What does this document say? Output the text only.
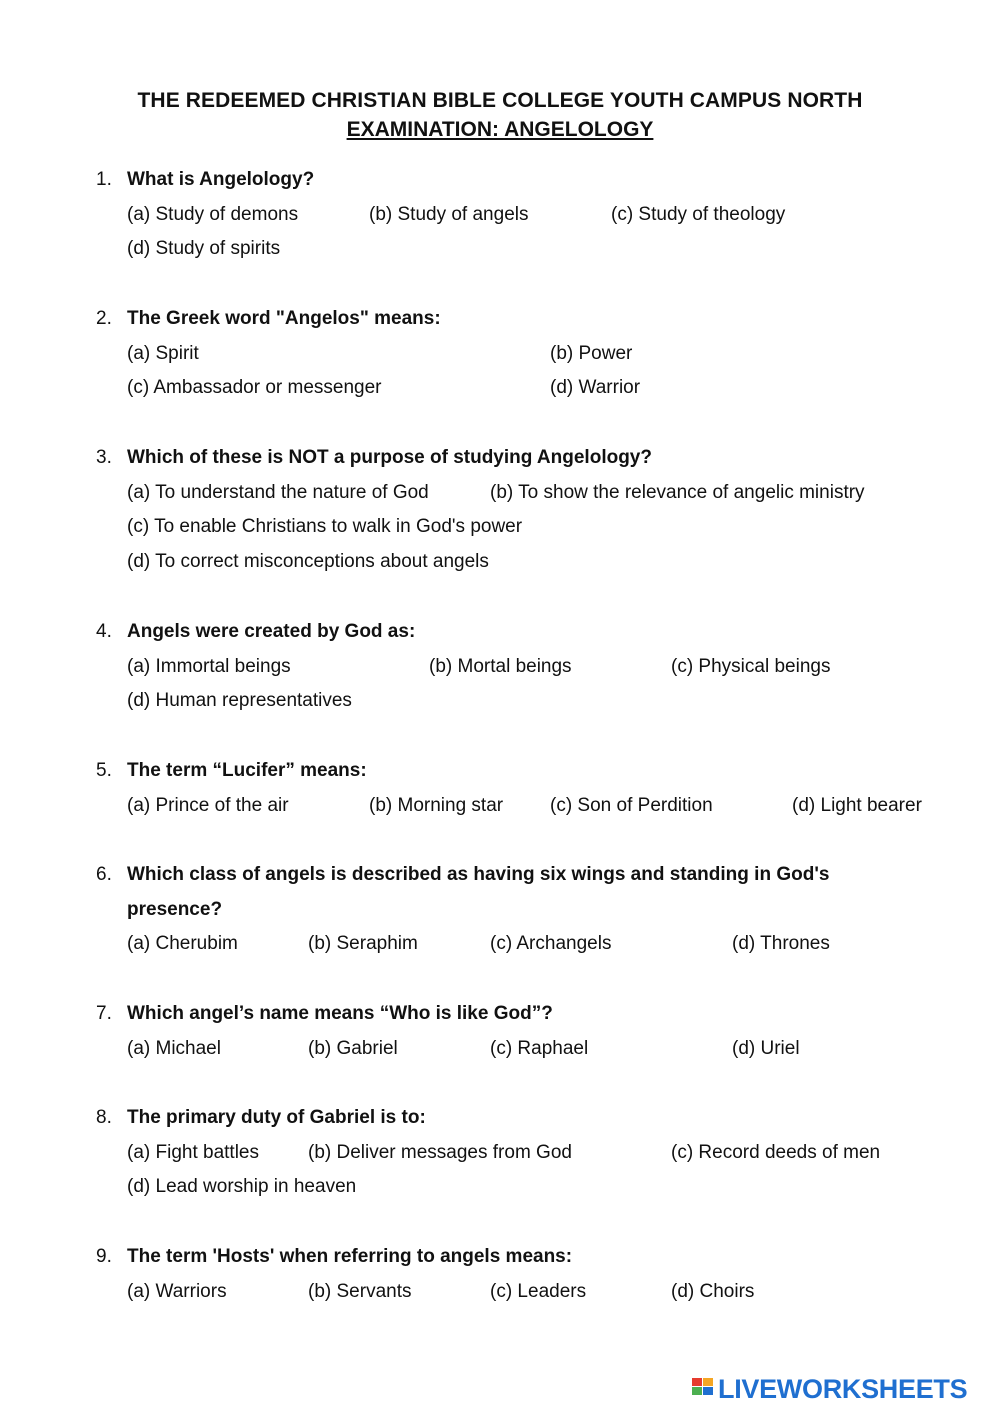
THE REDEEMED CHRISTIAN BIBLE COLLEGE YOUTH CAMPUS NORTH
EXAMINATION: ANGELOLOGY
1. What is Angelology?
(a) Study of demons	(b) Study of angels	(c) Study of theology
(d) Study of spirits
2. The Greek word "Angelos" means:
(a) Spirit	(b) Power
(c) Ambassador or messenger	(d) Warrior
3. Which of these is NOT a purpose of studying Angelology?
(a) To understand the nature of God	(b) To show the relevance of angelic ministry
(c) To enable Christians to walk in God's power
(d) To correct misconceptions about angels
4. Angels were created by God as:
(a) Immortal beings	(b) Mortal beings	(c) Physical beings
(d) Human representatives
5. The term “Lucifer” means:
(a) Prince of the air	(b) Morning star (c) Son of Perdition	(d) Light bearer
6. Which class of angels is described as having six wings and standing in God's
presence?
(a) Cherubim	(b) Seraphim	(c) Archangels	(d) Thrones
7. Which angel’s name means “Who is like God”?
(a) Michael	(b) Gabriel	(c) Raphael	(d) Uriel
8. The primary duty of Gabriel is to:
(a) Fight battles	(b) Deliver messages from God	(c) Record deeds of men
(d) Lead worship in heaven
9. The term 'Hosts' when referring to angels means:
(a) Warriors	(b) Servants	(c) Leaders	(d) Choirs
LIVEWORKSHEETS
